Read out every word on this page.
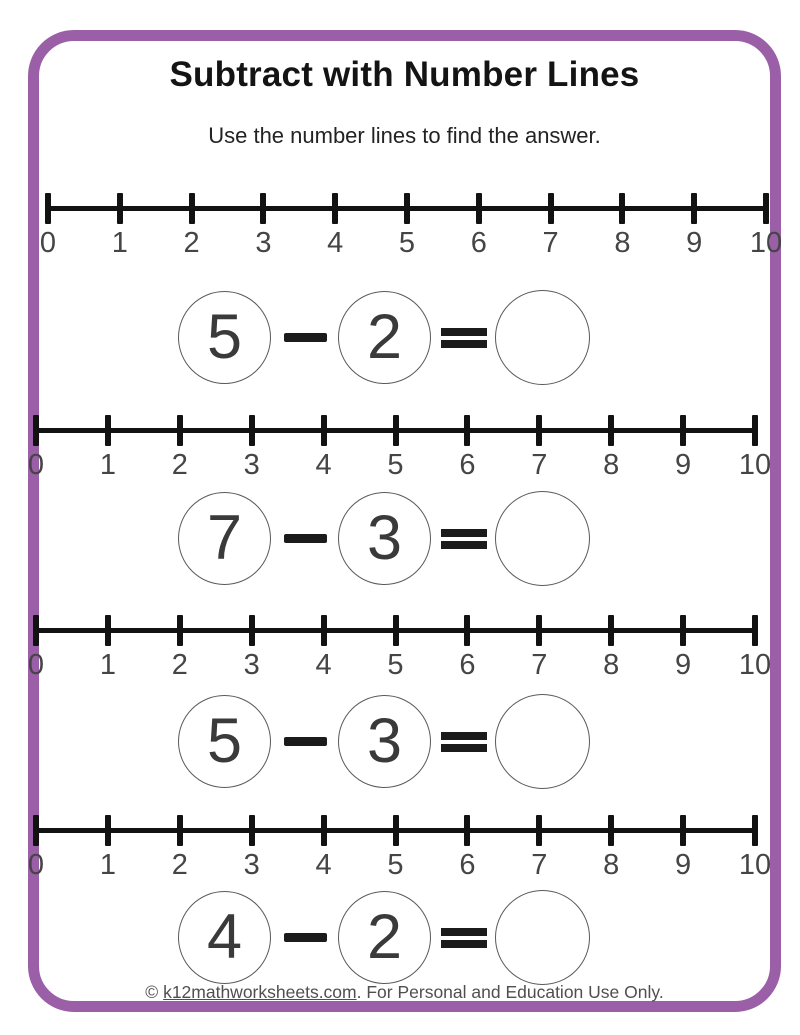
Subtract with Number Lines
Use the number lines to find the answer.
0	1	2	3	4	5	6	7	8	9	10
5 2
0	1	2	3	4	5	6	7	8	9	10
7 3
0	1	2	3	4	5	6	7	8	9	10
5 3
0	1	2	3	4	5	6	7	8	9	10
4 2
© k12mathworksheets.com. For Personal and Education Use Only.
